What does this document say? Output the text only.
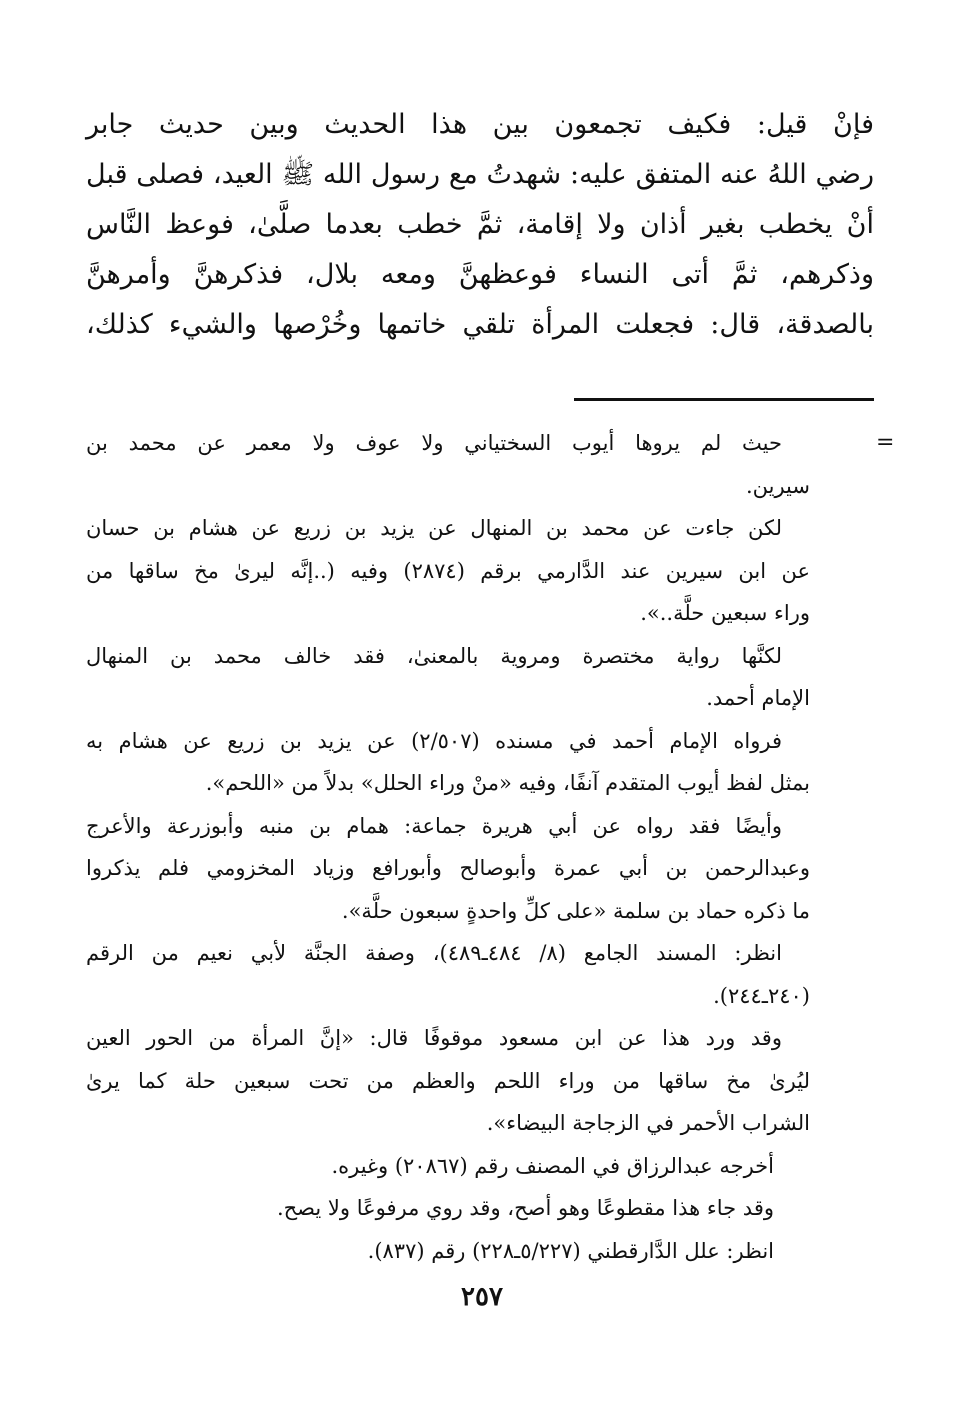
فإنْ قيل: فكيف تجمعون بين هذا الحديث وبين حديث جابر
رضي اللهُ عنه المتفق عليه: شهدتُ مع رسول الله ﷺ العيد، فصلى قبل
أنْ يخطب بغير أذان ولا إقامة، ثمَّ خطب بعدما صلَّىٰ، فوعظ النَّاس
وذكرهم، ثمَّ أتى النساء فوعظهنَّ ومعه بلال، فذكرهنَّ وأمرهنَّ
بالصدقة، قال: فجعلت المرأة تلقي خاتمها وخُرْصها والشيء كذلك،
=
حيث لم يروها أيوب السختياني ولا عوف ولا معمر عن محمد بن
سيرين.
لكن جاءت عن محمد بن المنهال عن يزيد بن زريع عن هشام بن حسان
عن ابن سيرين عند الدَّارمي برقم (٢٨٧٤) وفيه (..إنَّه ليرىٰ مخ ساقها من
وراء سبعين حلَّة..».
لكنَّها رواية مختصرة ومروية بالمعنىٰ، فقد خالف محمد بن المنهال
الإمام أحمد.
فرواه الإمام أحمد في مسنده (٢/٥٠٧) عن يزيد بن زريع عن هشام به
بمثل لفظ أيوب المتقدم آنفًا، وفيه «منْ وراء الحلل» بدلاً من «اللحم».
وأيضًا فقد رواه عن أبي هريرة جماعة: همام بن منبه وأبوزرعة والأعرج
وعبدالرحمن بن أبي عمرة وأبوصالح وأبورافع وزياد المخزومي فلم يذكروا
ما ذكره حماد بن سلمة «على كلِّ واحدةٍ سبعون حلَّة».
انظر: المسند الجامع (٨/ ٤٨٤ـ٤٨٩)، وصفة الجنَّة لأبي نعيم من الرقم
(٢٤٠ـ٢٤٤).
وقد ورد هذا عن ابن مسعود موقوفًا قال: «إنَّ المرأة من الحور العين
ليُرىٰ مخ ساقها من وراء اللحم والعظم من تحت سبعين حلة كما يرىٰ
الشراب الأحمر في الزجاجة البيضاء».
أخرجه عبدالرزاق في المصنف رقم (٢٠٨٦٧) وغيره.
وقد جاء هذا مقطوعًا وهو أصح، وقد روي مرفوعًا ولا يصح.
انظر: علل الدَّارقطني (٥/٢٢٧ـ٢٢٨) رقم (٨٣٧).
٢٥٧
